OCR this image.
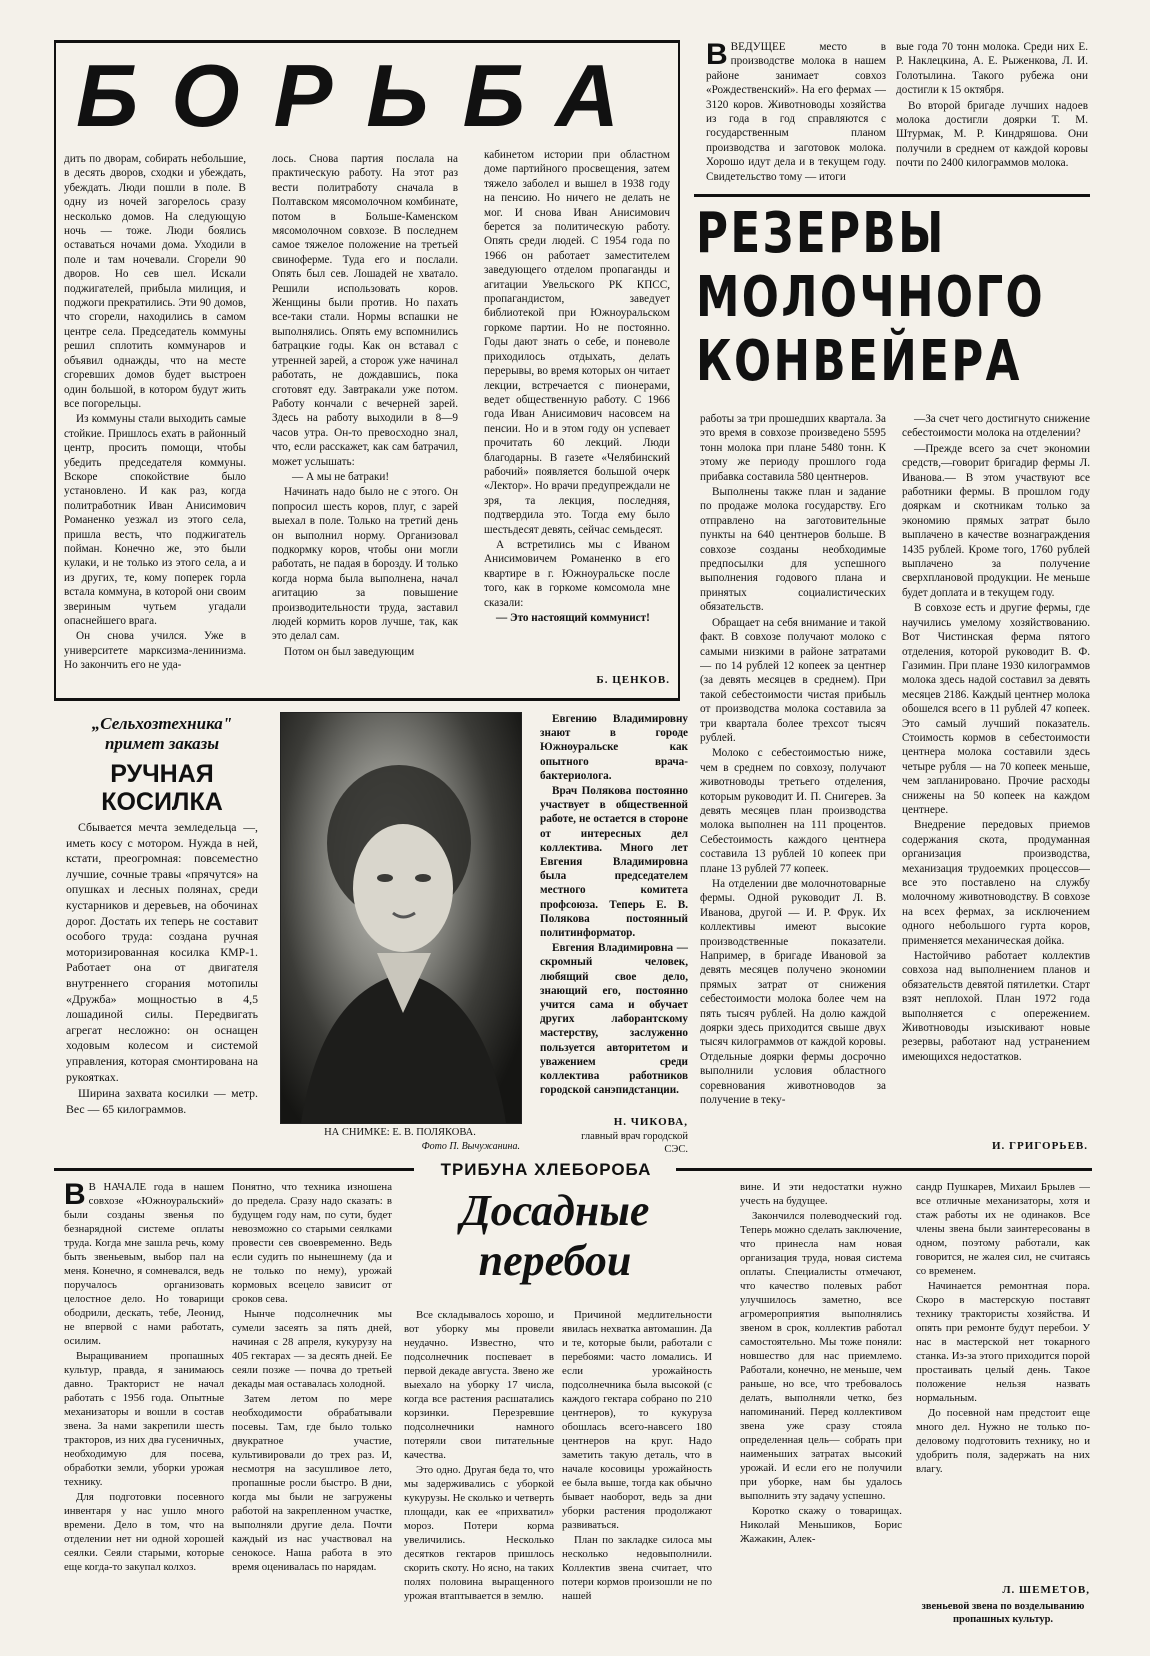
БОРЬБА

дить по дворам, собирать небольшие, в десять дворов, сходки и убеждать, убеждать. Люди пошли в поле. В одну из ночей загорелось сразу несколько домов. На следующую ночь — тоже. Люди боялись оставаться ночами дома. Уходили в поле и там ночевали. Сгорели 90 дворов. Но сев шел. Искали поджигателей, прибыла милиция, и поджоги прекратились. Эти 90 домов, что сгорели, находились в самом центре села. Председатель коммуны решил сплотить коммунаров и объявил однажды, что на месте сгоревших домов будет выстроен один большой, в котором будут жить все погорельцы.

Из коммуны стали выходить самые стойкие. Пришлось ехать в районный центр, просить помощи, чтобы убедить председателя коммуны. Вскоре спокойствие было установлено. И как раз, когда политработник Иван Анисимович Романенко уезжал из этого села, пришла весть, что поджигатель пойман. Конечно же, это были кулаки, и не только из этого села, а и из других, те, кому поперек горла встала коммуна, в которой они своим звериным чутьем угадали опаснейшего врага.

Он снова учился. Уже в университете марксизма-ленинизма. Но закончить его не уда-

лось. Снова партия послала на практическую работу. На этот раз вести политработу сначала в Полтавском мясомолочном комбинате, потом в Больше-Каменском мясомолочном совхозе. В последнем самое тяжелое положение на третьей свиноферме. Туда его и послали. Опять был сев. Лошадей не хватало. Решили использовать коров. Женщины были против. Но пахать все-таки стали. Нормы вспашки не выполнялись. Опять ему вспомнились батрацкие годы. Как он вставал с утренней зарей, а сторож уже начинал работать, не дождавшись, пока сготовят еду. Завтракали уже потом. Работу кончали с вечерней зарей. Здесь на работу выходили в 8—9 часов утра. Он-то превосходно знал, что, если расскажет, как сам батрачил, может услышать:

— А мы не батраки!

Начинать надо было не с этого. Он попросил шесть коров, плуг, с зарей выехал в поле. Только на третий день он выполнил норму. Организовал подкормку коров, чтобы они могли работать, не падая в борозду. И только когда норма была выполнена, начал агитацию за повышение производительности труда, заставил людей кормить коров лучше, так, как это делал сам.

Потом он был заведующим

кабинетом истории при областном доме партийного просвещения, затем тяжело заболел и вышел в 1938 году на пенсию. Но ничего не делать не мог. И снова Иван Анисимович берется за политическую работу. Опять среди людей. С 1954 года по 1966 он работает заместителем заведующего отделом пропаганды и агитации Увельского РК КПСС, пропагандистом, заведует библиотекой при Южноуральском горкоме партии. Но не постоянно. Годы дают знать о себе, и поневоле приходилось отдыхать, делать перерывы, во время которых он читает лекции, встречается с пионерами, ведет общественную работу. С 1966 года Иван Анисимович насовсем на пенсии. Но и в этом году он успевает прочитать 60 лекций. Люди благодарны. В газете «Челябинский рабочий» появляется большой очерк «Лектор». Но врачи предупреждали не зря, та лекция, последняя, подтвердила это. Тогда ему было шестьдесят девять, сейчас семьдесят.

А встретились мы с Иваном Анисимовичем Романенко в его квартире в г. Южноуральске после того, как в горкоме комсомола мне сказали:

— Это настоящий коммунист!

Б. ЦЕНКОВ.

ВВЕДУЩЕЕ место в производстве молока в нашем районе занимает совхоз «Рождественский». На его фермах — 3120 коров. Животноводы хозяйства из года в год справляются с государственным планом производства и заготовок молока. Хорошо идут дела и в текущем году. Свидетельство тому — итоги

вые года 70 тонн молока. Среди них Е. Р. Наклецкина, А. Е. Рыженкова, Л. И. Голотылина. Такого рубежа они достигли к 15 октября.

Во второй бригаде лучших надоев молока достигли доярки Т. М. Штурмак, М. Р. Киндряшова. Они получили в среднем от каждой коровы почти по 2400 килограммов молока.

РЕЗЕРВЫ
МОЛОЧНОГО
КОНВЕЙЕРА

работы за три прошедших квартала. За это время в совхозе произведено 5595 тонн молока при плане 5480 тонн. К этому же периоду прошлого года прибавка составила 580 центнеров.

Выполнены также план и задание по продаже молока государству. Его отправлено на заготовительные пункты на 640 центнеров больше. В совхозе созданы необходимые предпосылки для успешного выполнения годового плана и принятых социалистических обязательств.

Обращает на себя внимание и такой факт. В совхозе получают молоко с самыми низкими в районе затратами — по 14 рублей 12 копеек за центнер (за девять месяцев в среднем). При такой себестоимости чистая прибыль от производства молока составила за три квартала более трехсот тысяч рублей.

Молоко с себестоимостью ниже, чем в среднем по совхозу, получают животноводы третьего отделения, которым руководит И. П. Снигерев. За девять месяцев план производства молока выполнен на 111 процентов. Себестоимость каждого центнера составила 13 рублей 10 копеек при плане 13 рублей 77 копеек.

На отделении две молочнотоварные фермы. Одной руководит Л. В. Иванова, другой — И. Р. Фрук. Их коллективы имеют высокие производственные показатели. Например, в бригаде Ивановой за девять месяцев получено экономии прямых затрат от снижения себестоимости молока более чем на пять тысяч рублей. На долю каждой доярки здесь приходится свыше двух тысяч килограммов от каждой коровы. Отдельные доярки фермы досрочно выполнили условия областного соревнования животноводов за получение в теку-

—За счет чего достигнуто снижение себестоимости молока на отделении?

—Прежде всего за счет экономии средств,—говорит бригадир фермы Л. Иванова.— В этом участвуют все работники фермы. В прошлом году дояркам и скотникам только за экономию прямых затрат было выплачено в качестве вознаграждения 1435 рублей. Кроме того, 1760 рублей выплачено за получение сверхплановой продукции. Не меньше будет доплата и в текущем году.

В совхозе есть и другие фермы, где научились умелому хозяйствованию. Вот Чистинская ферма пятого отделения, которой руководит В. Ф. Газимин. При плане 1930 килограммов молока здесь надой составил за девять месяцев 2186. Каждый центнер молока обошелся всего в 11 рублей 47 копеек. Это самый лучший показатель. Стоимость кормов в себестоимости центнера молока составили здесь четыре рубля — на 70 копеек меньше, чем запланировано. Прочие расходы снижены на 50 копеек на каждом центнере.

Внедрение передовых приемов содержания скота, продуманная организация производства, механизация трудоемких процессов—все это поставлено на службу молочному животноводству. В совхозе на всех фермах, за исключением одного небольшого гурта коров, применяется механическая дойка.

Настойчиво работает коллектив совхоза над выполнением планов и обязательств девятой пятилетки. Старт взят неплохой. План 1972 года выполняется с опережением. Животноводы изыскивают новые резервы, работают над устранением имеющихся недостатков.

И. ГРИГОРЬЕВ.
„Сельхозтехника"
примет заказы
РУЧНАЯ
КОСИЛКА

Сбывается мечта земледельца —, иметь косу с мотором. Нужда в ней, кстати, преогромная: повсеместно лучшие, сочные травы «прячутся» на опушках и лесных полянах, среди кустарников и деревьев, на обочинах дорог. Достать их теперь не составит особого труда: создана ручная моторизированная косилка КМР-1. Работает она от двигателя внутреннего сгорания мотопилы «Дружба» мощностью в 4,5 лошадиной силы. Передвигать агрегат несложно: он оснащен ходовым колесом и системой управления, которая смонтирована на рукоятках.

Ширина захвата косилки — метр. Вес — 65 килограммов.

НА СНИМКЕ: Е. В. ПОЛЯКОВА.
Фото П. Вычужанина.

Евгению Владимировну знают в городе Южноуральске как опытного врача-бактериолога.

Врач Полякова постоянно участвует в общественной работе, не остается в стороне от интересных дел коллектива. Много лет Евгения Владимировна была председателем местного комитета профсоюза. Теперь Е. В. Полякова постоянный политинформатор.

Евгения Владимировна — скромный человек, любящий свое дело, знающий его, постоянно учится сама и обучает других лаборантскому мастерству, заслуженно пользуется авторитетом и уважением среди коллектива работников городской санэпидстанции.

Н. ЧИКОВА,
главный врач городской СЭС.
ТРИБУНА ХЛЕБОРОБА
Досадные
перебои

В В НАЧАЛЕ года в нашем совхозе «Южноуральский» были созданы звенья по безнарядной системе оплаты труда. Когда мне зашла речь, кому быть звеньевым, выбор пал на меня. Конечно, я сомневался, ведь поручалось организовать целостное дело. Но товарищи ободрили, дескать, тебе, Леонид, не впервой с нами работать, осилим.

Выращиванием пропашных культур, правда, я занимаюсь давно. Тракторист не начал работать с 1956 года. Опытные механизаторы и вошли в состав звена. За нами закрепили шесть тракторов, из них два гусеничных, необходимую для посева, обработки земли, уборки урожая технику.

Для подготовки посевного инвентаря у нас ушло много времени. Дело в том, что на отделении нет ни одной хорошей сеялки. Сеяли старыми, которые еще когда-то закупал колхоз.

Понятно, что техника изношена до предела. Сразу надо сказать: в будущем году нам, по сути, будет невозможно со старыми сеялками провести сев своевременно. Ведь если судить по нынешнему (да и не только по нему), урожай кормовых всецело зависит от сроков сева.

Нынче подсолнечник мы сумели засеять за пять дней, начиная с 28 апреля, кукурузу на 405 гектарах — за десять дней. Ее сеяли позже — почва до третьей декады мая оставалась холодной.

Затем летом по мере необходимости обрабатывали посевы. Там, где было только двукратное участие, культивировали до трех раз. И, несмотря на засушливое лето, пропашные росли быстро. В дни, когда мы были не загружены работой на закрепленном участке, выполняли другие дела. Почти каждый из нас участвовал на сенокосе. Наша работа в это время оценивалась по нарядам.

Все складывалось хорошо, и вот уборку мы провели неудачно. Известно, что подсолнечник поспевает в первой декаде августа. Звено же выехало на уборку 17 числа, когда все растения расшатались корзинки. Перезревшие подсолнечники намного потеряли свои питательные качества.

Это одно. Другая беда то, что мы задерживались с уборкой кукурузы. Не сколько и четверть площади, как ее «прихватил» мороз. Потери корма увеличились. Несколько десятков гектаров пришлось скорить скоту. Но ясно, на таких полях половина выращенного урожая втаптывается в землю.

Причиной медлительности явилась нехватка автомашин. Да и те, которые были, работали с перебоями: часто ломались. И если урожайность подсолнечника была высокой (с каждого гектара собрано по 210 центнеров), то кукуруза обошлась всего-навсего 180 центнеров на круг. Надо заметить такую деталь, что в начале косовицы урожайность ее была выше, тогда как обычно бывает наоборот, ведь за дни уборки растения продолжают развиваться.

План по закладке силоса мы несколько недовыполнили. Коллектив звена считает, что потери кормов произошли не по нашей

вине. И эти недостатки нужно учесть на будущее.

Закончился полеводческий год. Теперь можно сделать заключение, что принесла нам новая организация труда, новая система оплаты. Специалисты отмечают, что качество полевых работ улучшилось заметно, все агромероприятия выполнялись звеном в срок, коллектив работал самостоятельно. Мы тоже поняли: новшество для нас приемлемо. Работали, конечно, не меньше, чем раньше, но все, что требовалось делать, выполняли четко, без напоминаний. Перед коллективом звена уже сразу стояла определенная цель— собрать при наименьших затратах высокий урожай. И если его не получили при уборке, нам бы удалось выполнить эту задачу успешно.

Коротко скажу о товарищах. Николай Меньшиков, Борис Жажакин, Алек-

сандр Пушкарев, Михаил Брылев — все отличные механизаторы, хотя и стаж работы их не одинаков. Все члены звена были заинтересованы в одном, поэтому работали, как говорится, не жалея сил, не считаясь со временем.

Начинается ремонтная пора. Скоро в мастерскую поставят технику трактористы хозяйства. И опять при ремонте будут перебои. У нас в мастерской нет токарного станка. Из-за этого приходится порой простаивать целый день. Такое положение нельзя назвать нормальным.

До посевной нам предстоит еще много дел. Нужно не только по-деловому подготовить технику, но и удобрить поля, задержать на них влагу.

Л. ШЕМЕТОВ,
звеньевой звена по возделыванию пропашных культур.
